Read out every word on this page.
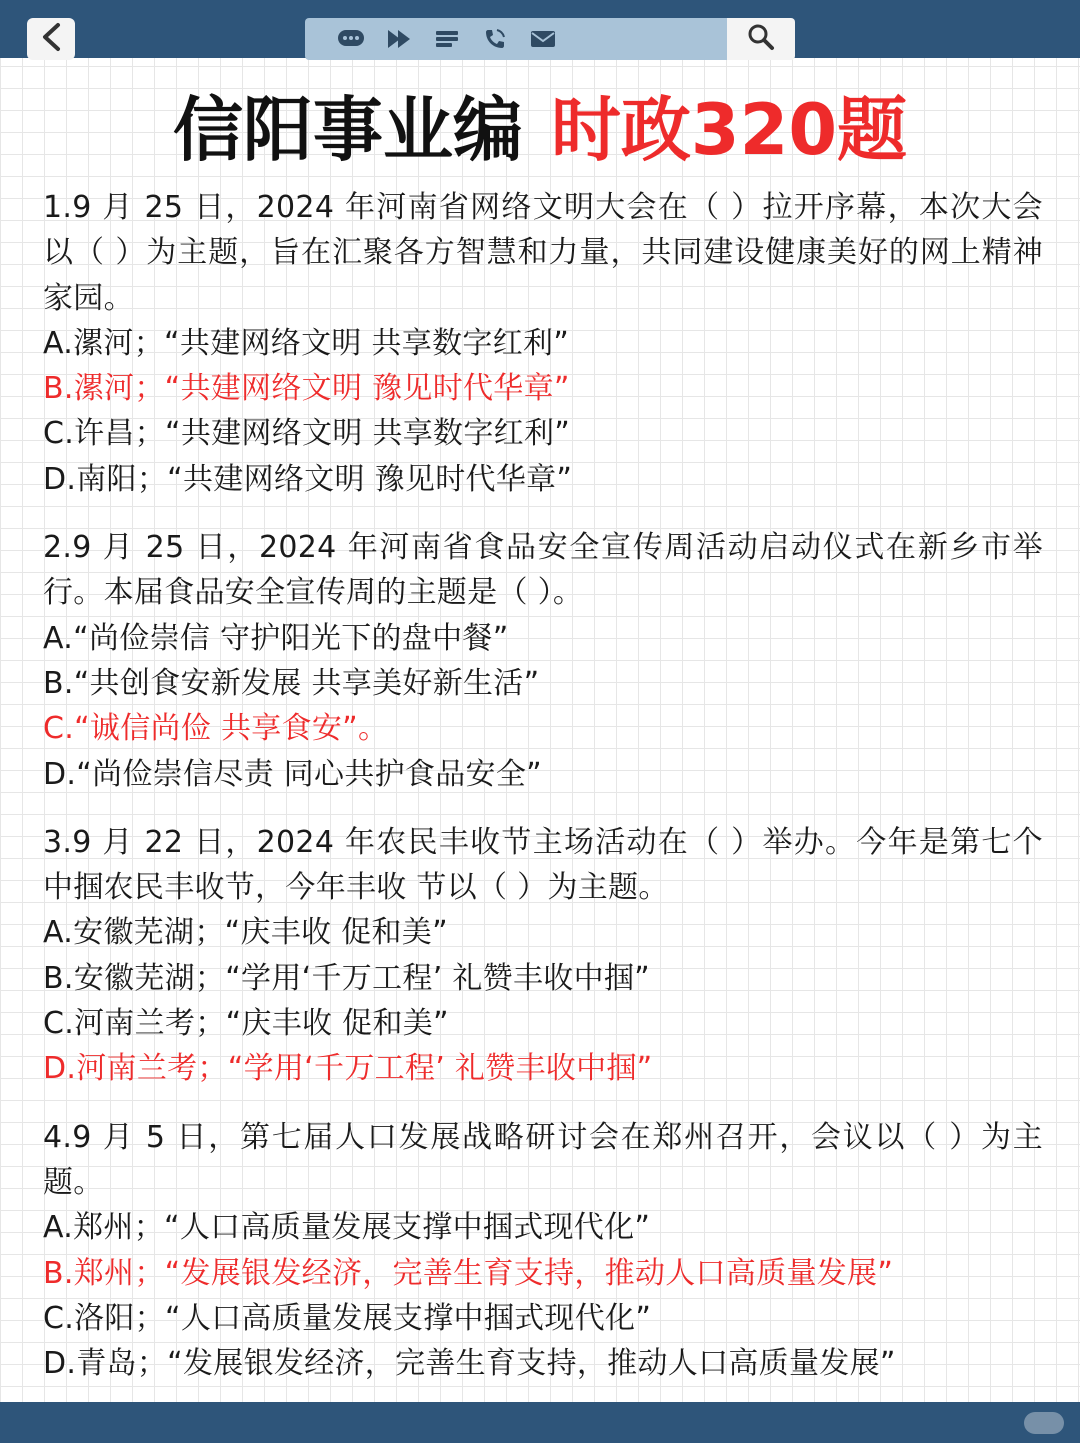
信阳事业编 时政320题

1.9 月 25 日，2024 年河南省网络文明大会在（ ）拉开序幕，本次大会以（ ）为主题，旨在汇聚各方智慧和力量，共同建设健康美好的网上精神家园。

A.漯河；“共建网络文明 共享数字红利”

B.漯河；“共建网络文明 豫见时代华章”

C.许昌；“共建网络文明 共享数字红利”

D.南阳；“共建网络文明 豫见时代华章”

2.9 月 25 日，2024 年河南省食品安全宣传周活动启动仪式在新乡市举行。本届食品安全宣传周的主题是（ ）。

A.“尚俭崇信 守护阳光下的盘中餐”

B.“共创食安新发展 共享美好新生活”

C.“诚信尚俭 共享食安”。

D.“尚俭崇信尽责 同心共护食品安全”

3.9 月 22 日，2024 年农民丰收节主场活动在（ ）举办。今年是第七个中掴农民丰收节，今年丰收 节以（ ）为主题。

A.安徽芜湖；“庆丰收 促和美”

B.安徽芜湖；“学用‘千万工程’ 礼赞丰收中掴”

C.河南兰考；“庆丰收 促和美”

D.河南兰考；“学用‘千万工程’ 礼赞丰收中掴”

4.9 月 5 日，第七届人口发展战略研讨会在郑州召开，会议以（ ）为主题。

A.郑州；“人口高质量发展支撑中掴式现代化”

B.郑州；“发展银发经济，完善生育支持，推动人口高质量发展”

C.洛阳；“人口高质量发展支撑中掴式现代化”

D.青岛；“发展银发经济，完善生育支持，推动人口高质量发展”
